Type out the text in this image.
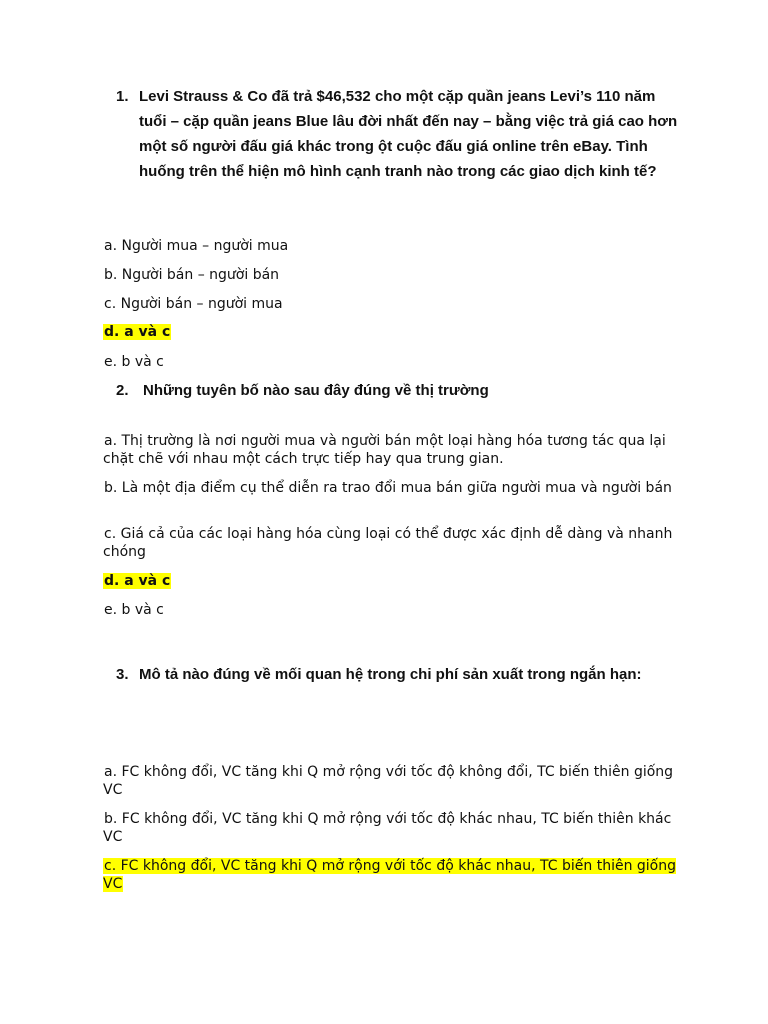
1. Levi Strauss & Co đã trả $46,532 cho một cặp quần jeans Levi’s 110 năm tuổi – cặp quần jeans Blue lâu đời nhất đến nay – bằng việc trả giá cao hơn một số người đấu giá khác trong ột cuộc đấu giá online trên eBay. Tình huống trên thể hiện mô hình cạnh tranh nào trong các giao dịch kinh tế?
a. Người mua – người mua
b. Người bán – người bán
c. Người bán – người mua
d. a và c
e. b và c
2. Những tuyên bố nào sau đây đúng về thị trường
a. Thị trường là nơi người mua và người bán một loại hàng hóa tương tác qua lại chặt chẽ với nhau một cách trực tiếp hay qua trung gian.
b. Là một địa điểm cụ thể diễn ra trao đổi mua bán giữa người mua và người bán
c. Giá cả của các loại hàng hóa cùng loại có thể được xác định dễ dàng và nhanh chóng
d. a và c
e. b và c
3. Mô tả nào đúng về mối quan hệ trong chi phí sản xuất trong ngắn hạn:
a. FC không đổi, VC tăng khi Q mở rộng với tốc độ không đổi, TC biến thiên giống VC
b. FC không đổi, VC tăng khi Q mở rộng với tốc độ khác nhau, TC biến thiên khác VC
c. FC không đổi, VC tăng khi Q mở rộng với tốc độ khác nhau, TC biến thiên giống VC
